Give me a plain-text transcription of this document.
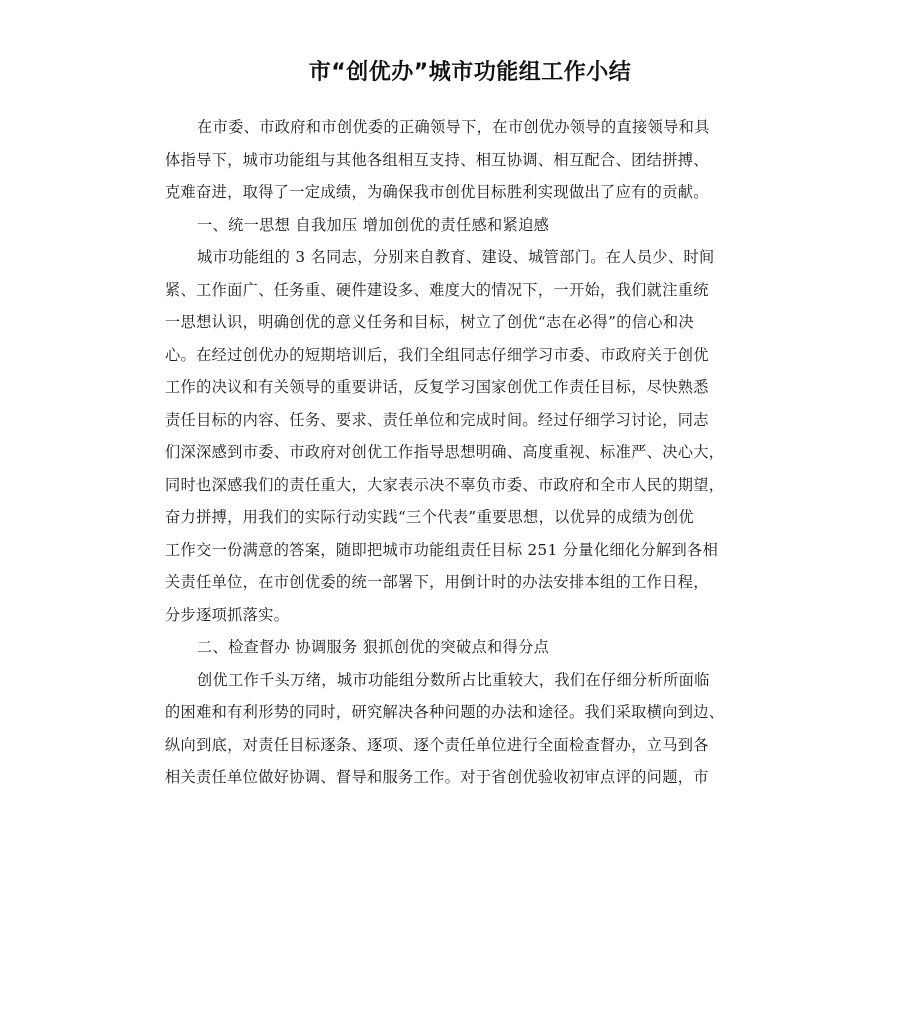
市“创优办”城市功能组工作小结
在市委、市政府和市创优委的正确领导下，在市创优办领导的直接领导和具
体指导下，城市功能组与其他各组相互支持、相互协调、相互配合、团结拼搏、
克难奋进，取得了一定成绩，为确保我市创优目标胜利实现做出了应有的贡献。
一、统一思想 自我加压 增加创优的责任感和紧迫感
城市功能组的 3 名同志，分别来自教育、建设、城管部门。在人员少、时间
紧、工作面广、任务重、硬件建设多、难度大的情况下，一开始，我们就注重统
一思想认识，明确创优的意义任务和目标，树立了创优“志在必得”的信心和决
心。在经过创优办的短期培训后，我们全组同志仔细学习市委、市政府关于创优
工作的决议和有关领导的重要讲话，反复学习国家创优工作责任目标，尽快熟悉
责任目标的内容、任务、要求、责任单位和完成时间。经过仔细学习讨论，同志
们深深感到市委、市政府对创优工作指导思想明确、高度重视、标准严、决心大，
同时也深感我们的责任重大，大家表示决不辜负市委、市政府和全市人民的期望，
奋力拼搏，用我们的实际行动实践“三个代表”重要思想，以优异的成绩为创优
工作交一份满意的答案，随即把城市功能组责任目标 251 分量化细化分解到各相
关责任单位，在市创优委的统一部署下，用倒计时的办法安排本组的工作日程，
分步逐项抓落实。
二、检查督办 协调服务 狠抓创优的突破点和得分点
创优工作千头万绪，城市功能组分数所占比重较大，我们在仔细分析所面临
的困难和有利形势的同时，研究解决各种问题的办法和途径。我们采取横向到边、
纵向到底，对责任目标逐条、逐项、逐个责任单位进行全面检查督办，立马到各
相关责任单位做好协调、督导和服务工作。对于省创优验收初审点评的问题，市
